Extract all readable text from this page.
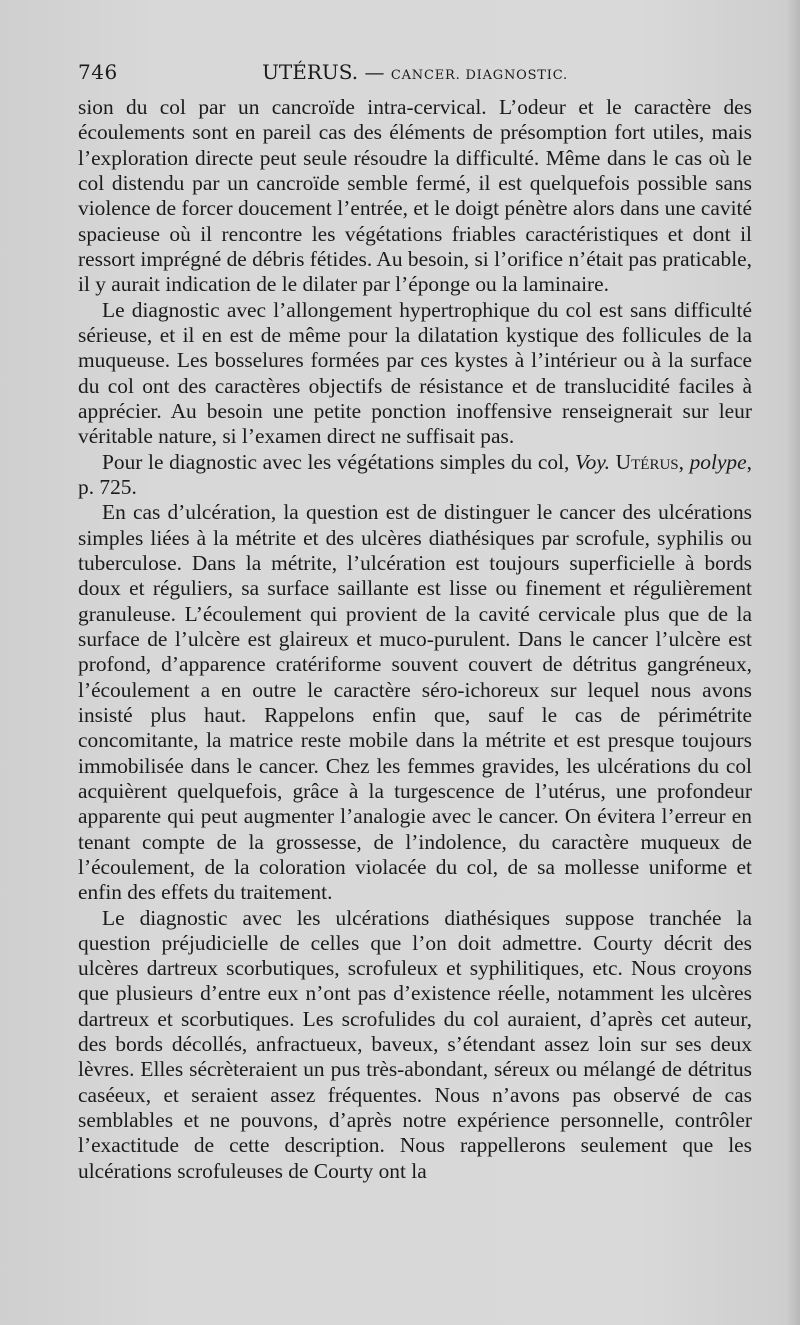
746	UTÉRUS. — CANCER. DIAGNOSTIC.

sion du col par un cancroïde intra-cervical. L’odeur et le caractère des écoulements sont en pareil cas des éléments de présomption fort utiles, mais l’exploration directe peut seule résoudre la difficulté. Même dans le cas où le col distendu par un cancroïde semble fermé, il est quelquefois possible sans violence de forcer doucement l’entrée, et le doigt pénètre alors dans une cavité spacieuse où il rencontre les végétations friables caractéristiques et dont il ressort imprégné de débris fétides. Au besoin, si l’orifice n’était pas praticable, il y aurait indication de le dilater par l’éponge ou la laminaire.

Le diagnostic avec l’allongement hypertrophique du col est sans difficulté sérieuse, et il en est de même pour la dilatation kystique des follicules de la muqueuse. Les bosselures formées par ces kystes à l’intérieur ou à la surface du col ont des caractères objectifs de résistance et de translucidité faciles à apprécier. Au besoin une petite ponction inoffensive renseignerait sur leur véritable nature, si l’examen direct ne suffisait pas.

Pour le diagnostic avec les végétations simples du col, Voy. Utérus, polype, p. 725.

En cas d’ulcération, la question est de distinguer le cancer des ulcérations simples liées à la métrite et des ulcères diathésiques par scrofule, syphilis ou tuberculose. Dans la métrite, l’ulcération est toujours superficielle à bords doux et réguliers, sa surface saillante est lisse ou finement et régulièrement granuleuse. L’écoulement qui provient de la cavité cervicale plus que de la surface de l’ulcère est glaireux et muco-purulent. Dans le cancer l’ulcère est profond, d’apparence cratériforme souvent couvert de détritus gangréneux, l’écoulement a en outre le caractère séro-ichoreux sur lequel nous avons insisté plus haut. Rappelons enfin que, sauf le cas de périmétrite concomitante, la matrice reste mobile dans la métrite et est presque toujours immobilisée dans le cancer. Chez les femmes gravides, les ulcérations du col acquièrent quelquefois, grâce à la turgescence de l’utérus, une profondeur apparente qui peut augmenter l’analogie avec le cancer. On évitera l’erreur en tenant compte de la grossesse, de l’indolence, du caractère muqueux de l’écoulement, de la coloration violacée du col, de sa mollesse uniforme et enfin des effets du traitement.

Le diagnostic avec les ulcérations diathésiques suppose tranchée la question préjudicielle de celles que l’on doit admettre. Courty décrit des ulcères dartreux scorbutiques, scrofuleux et syphilitiques, etc. Nous croyons que plusieurs d’entre eux n’ont pas d’existence réelle, notamment les ulcères dartreux et scorbutiques. Les scrofulides du col auraient, d’après cet auteur, des bords décollés, anfractueux, baveux, s’étendant assez loin sur ses deux lèvres. Elles sécrèteraient un pus très-abondant, séreux ou mélangé de détritus caséeux, et seraient assez fréquentes. Nous n’avons pas observé de cas semblables et ne pouvons, d’après notre expérience personnelle, contrôler l’exactitude de cette description. Nous rappellerons seulement que les ulcérations scrofuleuses de Courty ont la
